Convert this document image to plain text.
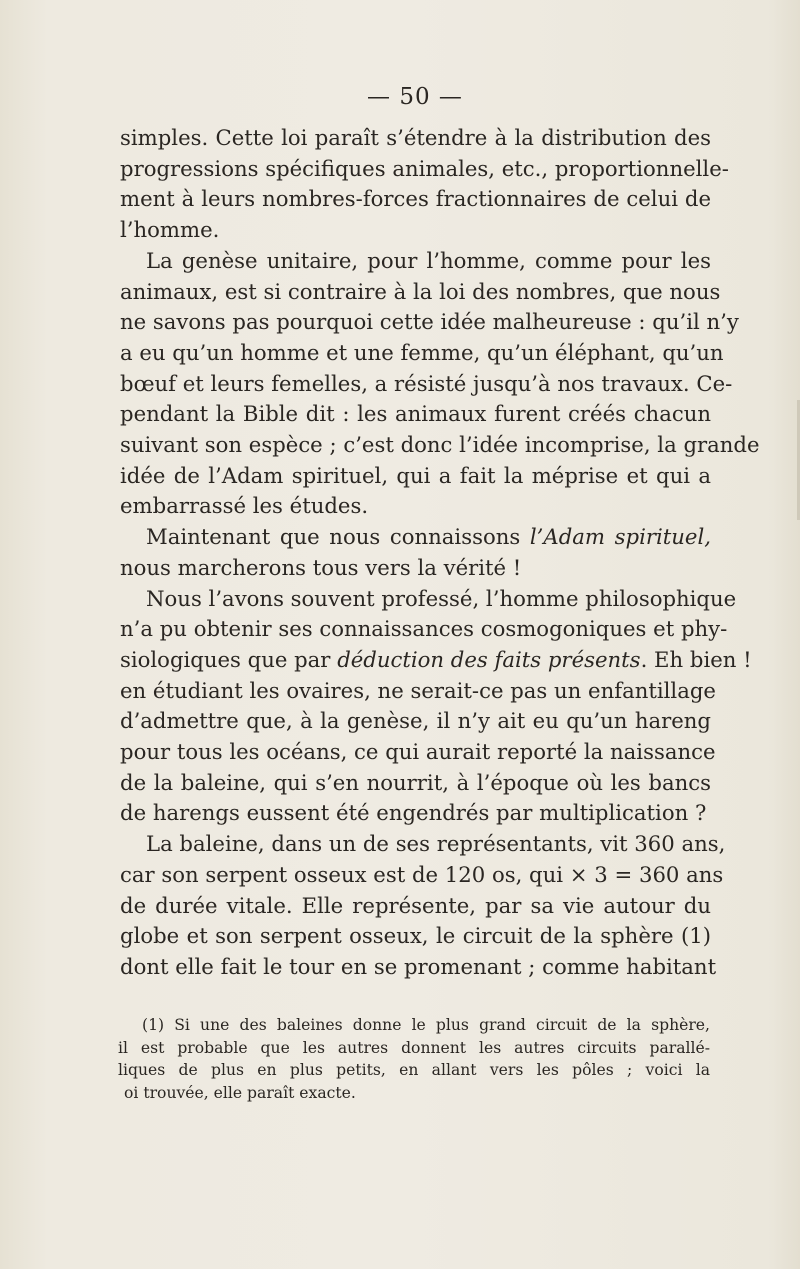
— 50 —

simples. Cette loi paraît s’étendre à la distribution des
progressions spécifiques animales, etc., proportionnelle-
ment à leurs nombres-forces fractionnaires de celui de
l’homme.

La genèse unitaire, pour l’homme, comme pour les
animaux, est si contraire à la loi des nombres, que nous
ne savons pas pourquoi cette idée malheureuse : qu’il n’y
a eu qu’un homme et une femme, qu’un éléphant, qu’un
bœuf et leurs femelles, a résisté jusqu’à nos travaux. Ce-
pendant la Bible dit : les animaux furent créés chacun
suivant son espèce ; c’est donc l’idée incomprise, la grande
idée de l’Adam spirituel, qui a fait la méprise et qui a
embarrassé les études.

Maintenant que nous connaissons l’Adam spirituel,
nous marcherons tous vers la vérité !

Nous l’avons souvent professé, l’homme philosophique
n’a pu obtenir ses connaissances cosmogoniques et phy-
siologiques que par déduction des faits présents. Eh bien !
en étudiant les ovaires, ne serait-ce pas un enfantillage
d’admettre que, à la genèse, il n’y ait eu qu’un hareng
pour tous les océans, ce qui aurait reporté la naissance
de la baleine, qui s’en nourrit, à l’époque où les bancs
de harengs eussent été engendrés par multiplication ?

La baleine, dans un de ses représentants, vit 360 ans,
car son serpent osseux est de 120 os, qui × 3 = 360 ans
de durée vitale. Elle représente, par sa vie autour du
globe et son serpent osseux, le circuit de la sphère (1)
dont elle fait le tour en se promenant ; comme habitant

(1) Si une des baleines donne le plus grand circuit de la sphère,
il est probable que les autres donnent les autres circuits parallé-
liques de plus en plus petits, en allant vers les pôles ; voici la
oi trouvée, elle paraît exacte.
